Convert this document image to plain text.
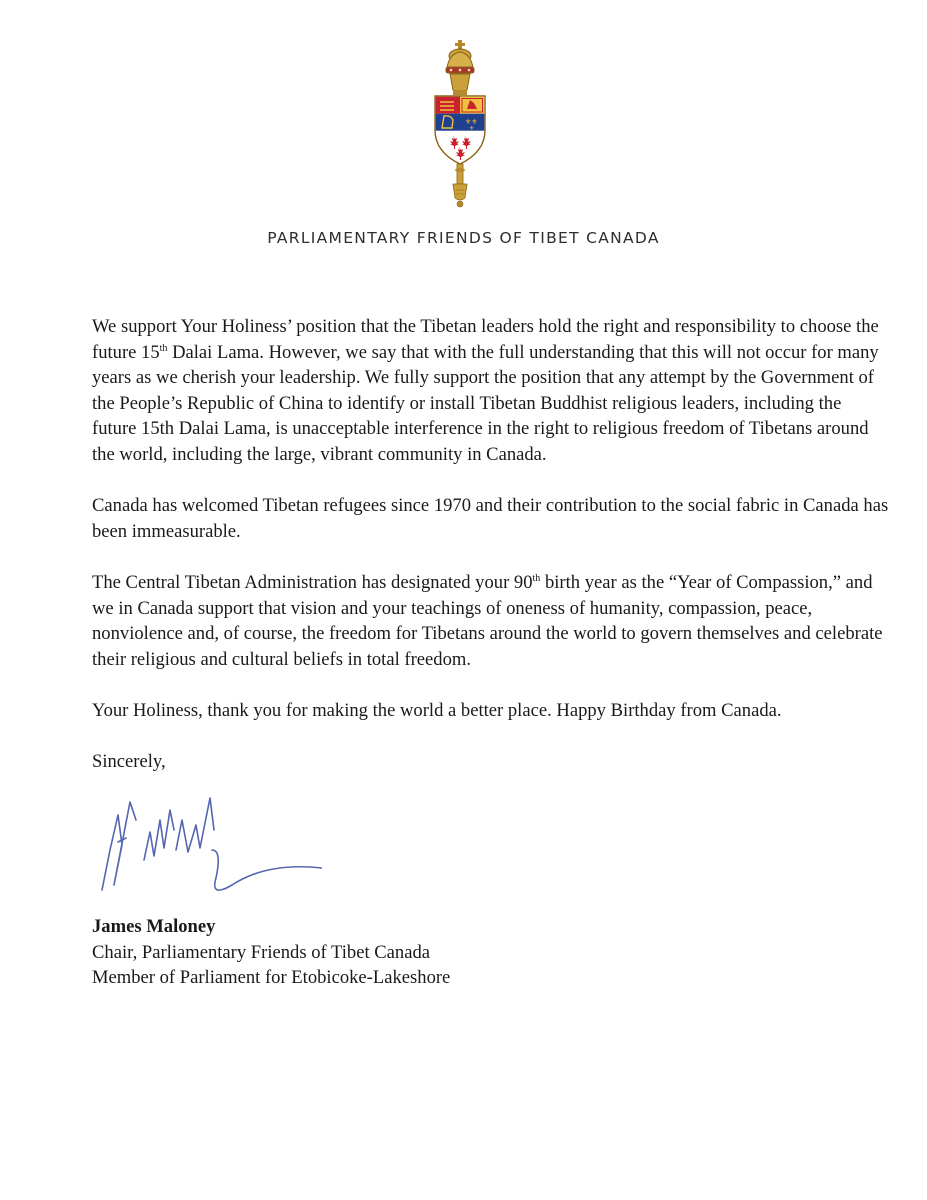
⚜⚜
⚜
PARLIAMENTARY FRIENDS OF TIBET CANADA

We support Your Holiness’ position that the Tibetan leaders hold the right and responsibility to choose the
future 15th Dalai Lama. However, we say that with the full understanding that this will not occur for many
years as we cherish your leadership. We fully support the position that any attempt by the Government of
the People’s Republic of China to identify or install Tibetan Buddhist religious leaders, including the
future 15th Dalai Lama, is unacceptable interference in the right to religious freedom of Tibetans around
the world, including the large, vibrant community in Canada.

Canada has welcomed Tibetan refugees since 1970 and their contribution to the social fabric in Canada has
been immeasurable.

The Central Tibetan Administration has designated your 90th birth year as the “Year of Compassion,” and
we in Canada support that vision and your teachings of oneness of humanity, compassion, peace,
nonviolence and, of course, the freedom for Tibetans around the world to govern themselves and celebrate
their religious and cultural beliefs in total freedom.

Your Holiness, thank you for making the world a better place. Happy Birthday from Canada.

Sincerely,

James Maloney
Chair, Parliamentary Friends of Tibet Canada
Member of Parliament for Etobicoke-Lakeshore
